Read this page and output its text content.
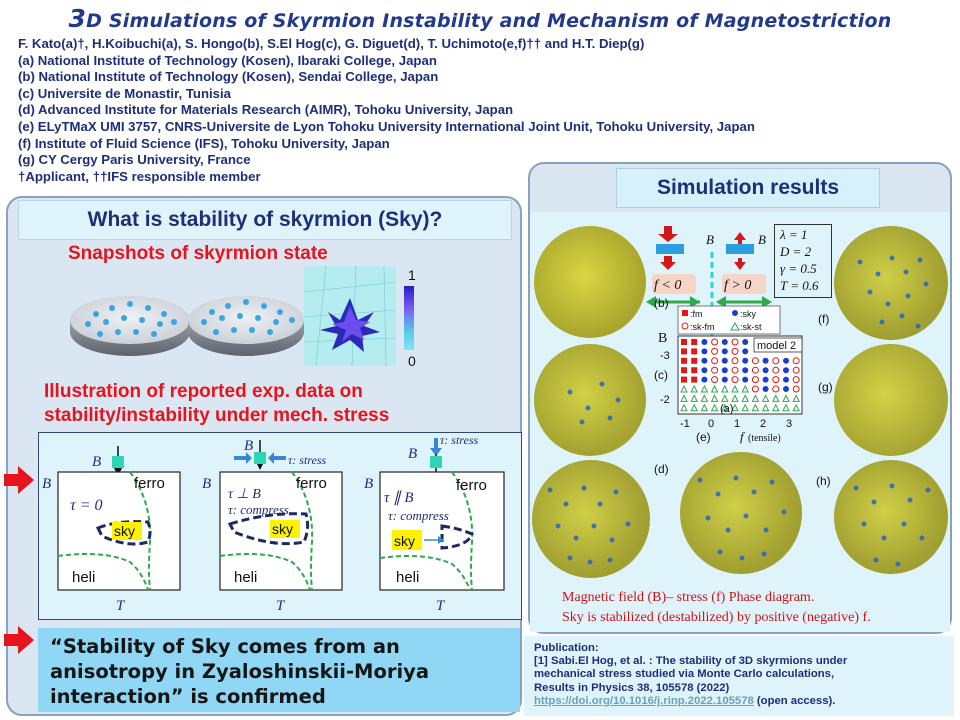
3D Simulations of Skyrmion Instability and Mechanism of Magnetostriction
F. Kato(a)†, H.Koibuchi(a), S. Hongo(b), S.El Hog(c), G. Diguet(d), T. Uchimoto(e,f)†† and H.T. Diep(g)
(a) National Institute of Technology (Kosen), Ibaraki College, Japan
(b) National Institute of Technology (Kosen), Sendai College, Japan
(c) Universite de Monastir, Tunisia
(d) Advanced Institute for Materials Research (AIMR), Tohoku University, Japan
(e) ELyTMaX UMI 3757, CNRS-Universite de Lyon Tohoku University International Joint Unit, Tohoku University, Japan
(f) Institute of Fluid Science (IFS), Tohoku University, Japan
(g) CY Cergy Paris University, France
†Applicant, ††IFS responsible member
What is stability of skyrmion (Sky)?
Snapshots of skyrmion state
1
0
Illustration of reported exp. data on
stability/instability under mech. stress
B
B	ferro
τ = 0
sky
heli
T
B
τ: stress
B	ferro
τ ⊥ B
τ: compress
sky
heli
T
τ: stress
B
B	ferro
τ ∥ B
τ: compress
sky
heli
T
“Stability of Sky comes from an
anisotropy in Zyaloshinskii-Moriya
interaction” is confirmed
Simulation results
B	B
f < 0	f > 0
:fm	:sky
:sk-fm	:sk-st
model 2
B
-3
-2
-1 0 1 2 3
f (tensile)
(a)
λ = 1
D = 2
γ = 0.5
T = 0.6
(b)
(c)
(d)
(e)
(f)
(g)
(h)
Magnetic field (B)– stress (f) Phase diagram.
Sky is stabilized (destabilized) by positive (negative) f.
Publication:
[1] Sabi.El Hog, et al. : The stability of 3D skyrmions under
mechanical stress studied via Monte Carlo calculations,
Results in Physics 38, 105578 (2022)
https://doi.org/10.1016/j.rinp.2022.105578 (open access).
